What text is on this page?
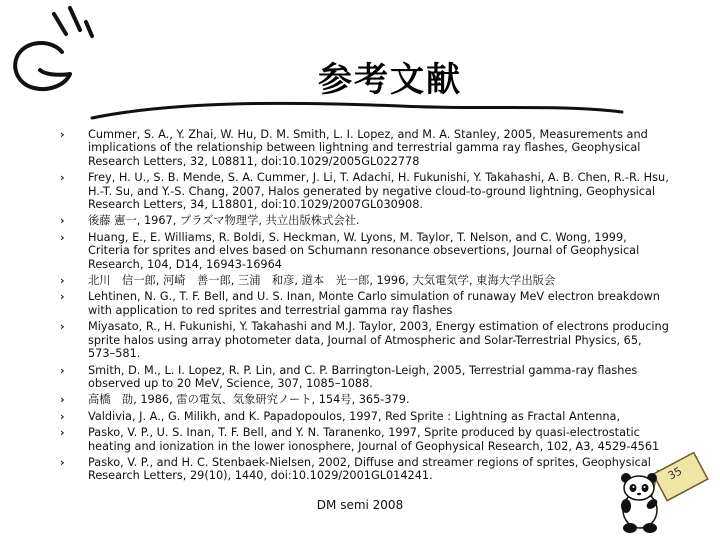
参考文献
› Cummer, S. A., Y. Zhai, W. Hu, D. M. Smith, L. I. Lopez, and M. A. Stanley, 2005, Measurements and implications of the relationship between lightning and terrestrial gamma ray flashes, Geophysical Research Letters, 32, L08811, doi:10.1029/2005GL022778
› Frey, H. U., S. B. Mende, S. A. Cummer, J. Li, T. Adachi, H. Fukunishi, Y. Takahashi, A. B. Chen, R.-R. Hsu, H.-T. Su, and Y.-S. Chang, 2007, Halos generated by negative cloud-to-ground lightning, Geophysical Research Letters, 34, L18801, doi:10.1029/2007GL030908.
› 後藤 憲一, 1967, プラズマ物理学, 共立出版株式会社.
› Huang, E., E. Williams, R. Boldi, S. Heckman, W. Lyons, M. Taylor, T. Nelson, and C. Wong, 1999, Criteria for sprites and elves based on Schumann resonance obsevertions, Journal of Geophysical Research, 104, D14, 16943-16964
› 北川　信一郎, 河崎　善一郎, 三浦　和彦, 道本　光一郎, 1996, 大気電気学, 東海大学出版会
› Lehtinen, N. G., T. F. Bell, and U. S. Inan, Monte Carlo simulation of runaway MeV electron breakdown with application to red sprites and terrestrial gamma ray flashes
› Miyasato, R., H. Fukunishi, Y. Takahashi and M.J. Taylor, 2003, Energy estimation of electrons producing sprite halos using array photometer data, Journal of Atmospheric and Solar-Terrestrial Physics, 65, 573–581.
› Smith, D. M., L. I. Lopez, R. P. Lin, and C. P. Barrington-Leigh, 2005, Terrestrial gamma-ray flashes observed up to 20 MeV, Science, 307, 1085–1088.
› 高橋　劭, 1986, 雷の電気、気象研究ノート, 154号, 365-379.
› Valdivia, J. A., G. Milikh, and K. Papadopoulos, 1997, Red Sprite : Lightning as Fractal Antenna,
› Pasko, V. P., U. S. Inan, T. F. Bell, and Y. N. Taranenko, 1997, Sprite produced by quasi-electrostatic heating and ionization in the lower ionosphere, Journal of Geophysical Research, 102, A3, 4529-4561
› Pasko, V. P., and H. C. Stenbaek-Nielsen, 2002, Diffuse and streamer regions of sprites, Geophysical Research Letters, 29(10), 1440, doi:10.1029/2001GL014241.
DM semi 2008
35
